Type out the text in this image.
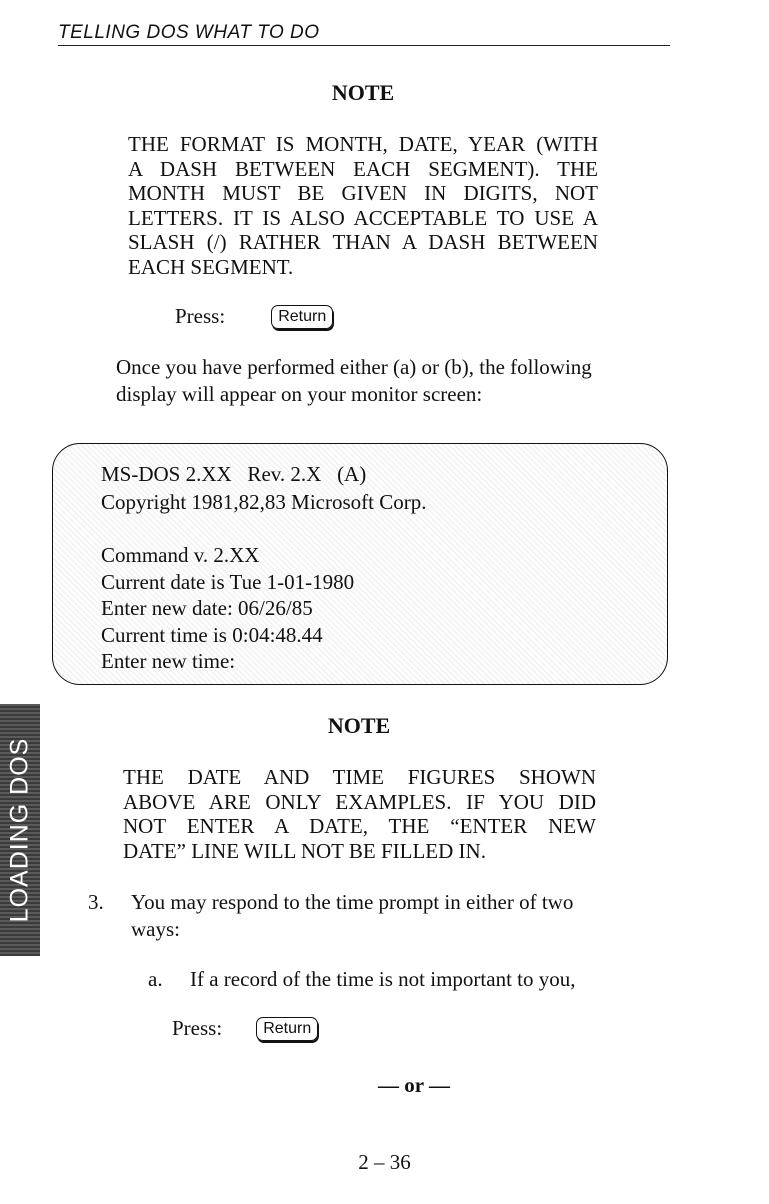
TELLING DOS WHAT TO DO
NOTE
THE FORMAT IS MONTH, DATE, YEAR (WITH
A DASH BETWEEN EACH SEGMENT). THE
MONTH MUST BE GIVEN IN DIGITS, NOT
LETTERS. IT IS ALSO ACCEPTABLE TO USE A
SLASH (/) RATHER THAN A DASH BETWEEN
EACH SEGMENT.
Press:	Return
Once you have performed either (a) or (b), the following
display will appear on your monitor screen:
MS-DOS 2.XX   Rev. 2.X   (A)
Copyright 1981,82,83 Microsoft Corp.
Command v. 2.XX
Current date is Tue 1-01-1980
Enter new date: 06/26/85
Current time is 0:04:48.44
Enter new time:
LOADING DOS
NOTE
THE DATE AND TIME FIGURES SHOWN
ABOVE ARE ONLY EXAMPLES. IF YOU DID
NOT ENTER A DATE, THE “ENTER NEW
DATE” LINE WILL NOT BE FILLED IN.
3. You may respond to the time prompt in either of two
ways:
a. If a record of the time is not important to you,
Press:	Return
— or —
2 – 36
